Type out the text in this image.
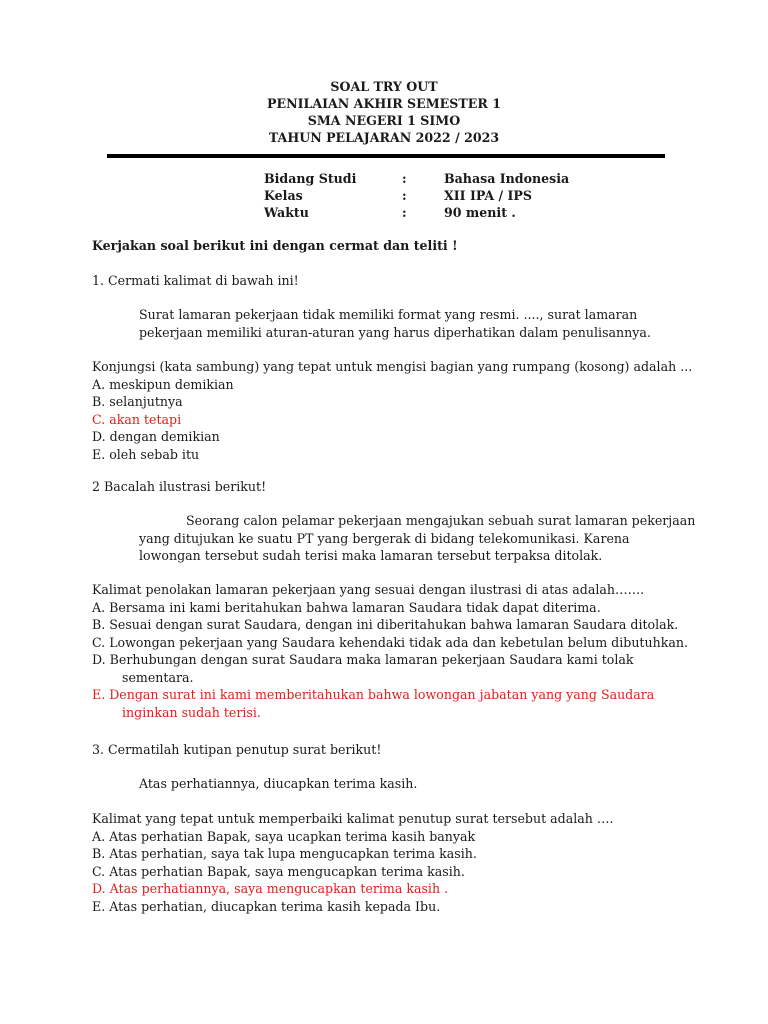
SOAL TRY OUT
PENILAIAN AKHIR SEMESTER 1
SMA NEGERI 1 SIMO
TAHUN PELAJARAN 2022 / 2023
Bidang Studi	:	Bahasa Indonesia
Kelas	:	XII IPA / IPS
Waktu	:	90 menit .
Kerjakan soal berikut ini dengan cermat dan teliti !
1. Cermati kalimat di bawah ini!
Surat lamaran pekerjaan tidak memiliki format yang resmi. ...., surat lamaran
pekerjaan memiliki aturan-aturan yang harus diperhatikan dalam penulisannya.
Konjungsi (kata sambung) yang tepat untuk mengisi bagian yang rumpang (kosong) adalah ...
A. meskipun demikian
B. selanjutnya
C. akan tetapi
D. dengan demikian
E. oleh sebab itu
2 Bacalah ilustrasi berikut!
Seorang calon pelamar pekerjaan mengajukan sebuah surat lamaran pekerjaan
yang ditujukan ke suatu PT yang bergerak di bidang telekomunikasi. Karena
lowongan tersebut sudah terisi maka lamaran tersebut terpaksa ditolak.
Kalimat penolakan lamaran pekerjaan yang sesuai dengan ilustrasi di atas adalah…….
A. Bersama ini kami beritahukan bahwa lamaran Saudara tidak dapat diterima.
B. Sesuai dengan surat Saudara, dengan ini diberitahukan bahwa lamaran Saudara ditolak.
C. Lowongan pekerjaan yang Saudara kehendaki tidak ada dan kebetulan belum dibutuhkan.
D. Berhubungan dengan surat Saudara maka lamaran pekerjaan Saudara kami tolak
sementara.
E. Dengan surat ini kami memberitahukan bahwa lowongan jabatan yang yang Saudara
inginkan sudah terisi.
3. Cermatilah kutipan penutup surat berikut!
Atas perhatiannya, diucapkan terima kasih.
Kalimat yang tepat untuk memperbaiki kalimat penutup surat tersebut adalah ….
A. Atas perhatian Bapak, saya ucapkan terima kasih banyak
B. Atas perhatian, saya tak lupa mengucapkan terima kasih.
C. Atas perhatian Bapak, saya mengucapkan terima kasih.
D. Atas perhatiannya, saya mengucapkan terima kasih .
E. Atas perhatian, diucapkan terima kasih kepada Ibu.
